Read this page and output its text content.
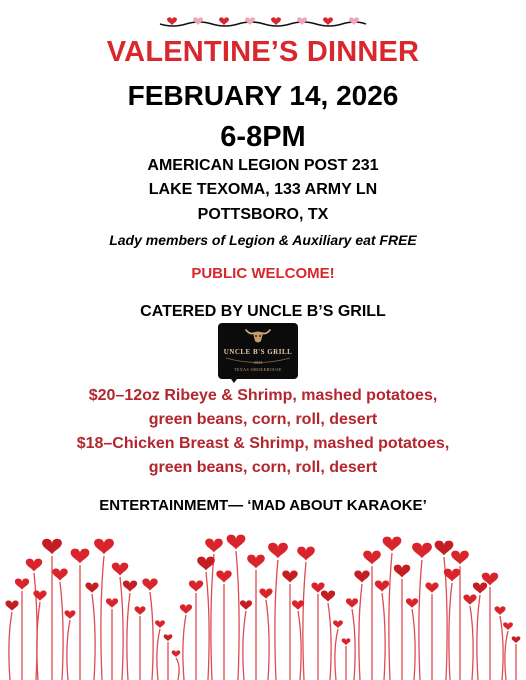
VALENTINE’S DINNER
FEBRUARY 14, 2026
6-8PM
AMERICAN LEGION POST 231
LAKE TEXOMA, 133 ARMY LN
POTTSBORO, TX
Lady members of Legion & Auxiliary eat FREE
PUBLIC WELCOME!
CATERED BY UNCLE B’S GRILL
UNCLE B'S GRILL
2024
TEXAS SMOKEHOUSE
$20–12oz Ribeye & Shrimp, mashed potatoes,
green beans, corn, roll, desert
$18–Chicken Breast & Shrimp, mashed potatoes,
green beans, corn, roll, desert
ENTERTAINMEMT— ‘MAD ABOUT KARAOKE’
